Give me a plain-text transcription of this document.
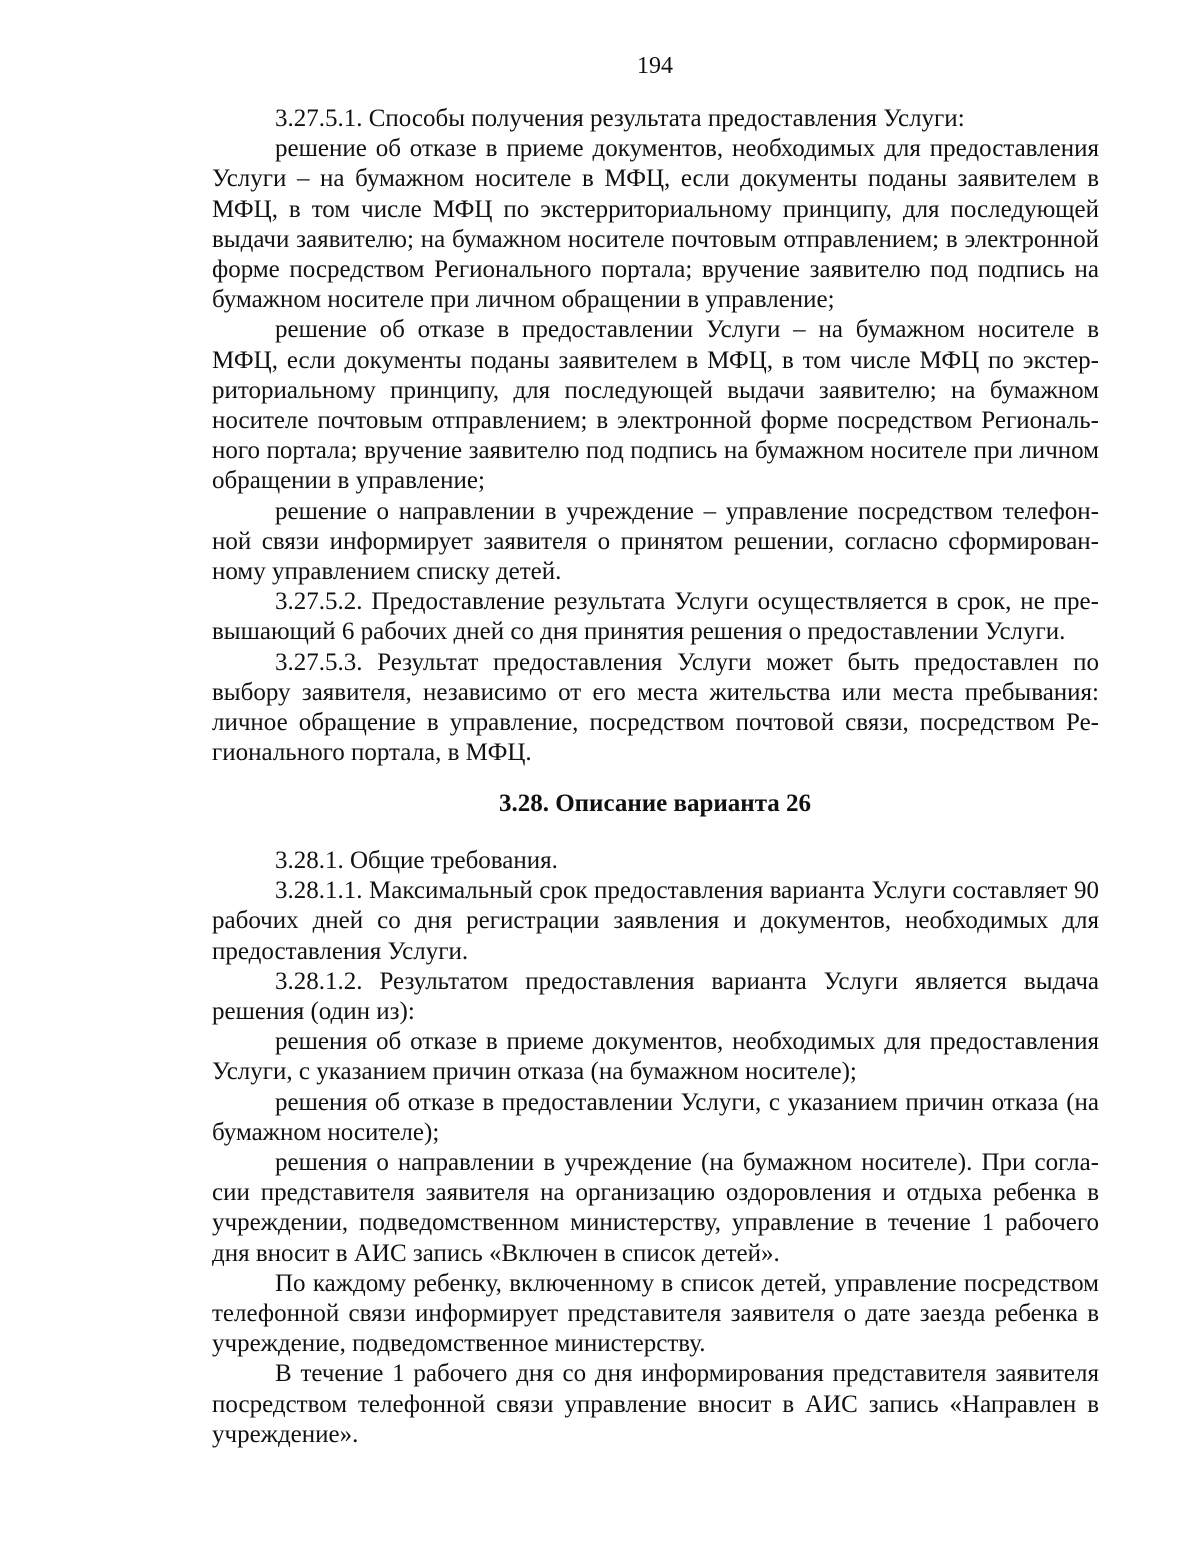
194

3.27.5.1. Способы получения результата предоставления Услуги:

решение об отказе в приеме документов, необходимых для предоставления Услуги – на бумажном носителе в МФЦ, если документы поданы заявителем в МФЦ, в том числе МФЦ по экстерриториальному принципу, для последующей выдачи заявителю; на бумажном носителе почтовым отправлением; в электронной форме посредством Регионального портала; вручение заявителю под подпись на бумажном носителе при личном обращении в управление;

решение об отказе в предоставлении Услуги – на бумажном носителе в МФЦ, если документы поданы заявителем в МФЦ, в том числе МФЦ по экстерриториальному принципу, для последующей выдачи заявителю; на бумажном носителе почтовым отправлением; в электронной форме посредством Регионального портала; вручение заявителю под подпись на бумажном носителе при личном обращении в управление;

решение о направлении в учреждение – управление посредством телефонной связи информирует заявителя о принятом решении, согласно сформированному управлением списку детей.

3.27.5.2. Предоставление результата Услуги осуществляется в срок, не превышающий 6 рабочих дней со дня принятия решения о предоставлении Услуги.

3.27.5.3. Результат предоставления Услуги может быть предоставлен по выбору заявителя, независимо от его места жительства или места пребывания: личное обращение в управление, посредством почтовой связи, посредством Регионального портала, в МФЦ.

3.28. Описание варианта 26

3.28.1. Общие требования.

3.28.1.1. Максимальный срок предоставления варианта Услуги составляет 90 рабочих дней со дня регистрации заявления и документов, необходимых для предоставления Услуги.

3.28.1.2. Результатом предоставления варианта Услуги является выдача решения (один из):

решения об отказе в приеме документов, необходимых для предоставления Услуги, с указанием причин отказа (на бумажном носителе);

решения об отказе в предоставлении Услуги, с указанием причин отказа (на бумажном носителе);

решения о направлении в учреждение (на бумажном носителе). При согласии представителя заявителя на организацию оздоровления и отдыха ребенка в учреждении, подведомственном министерству, управление в течение 1 рабочего дня вносит в АИС запись «Включен в список детей».

По каждому ребенку, включенному в список детей, управление посредством телефонной связи информирует представителя заявителя о дате заезда ребенка в учреждение, подведомственное министерству.

В течение 1 рабочего дня со дня информирования представителя заявителя посредством телефонной связи управление вносит в АИС запись «Направлен в учреждение».
